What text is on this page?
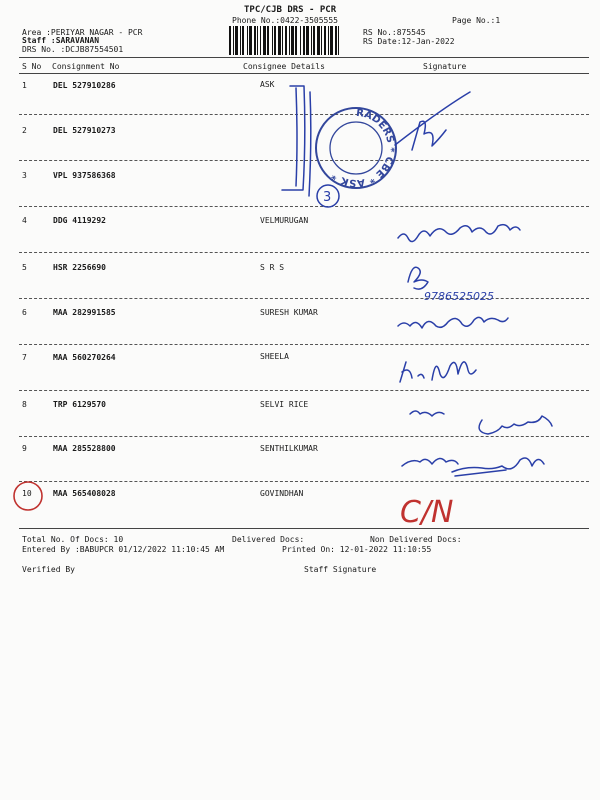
TPC/CJB DRS - PCR
Phone No.:0422-3505555	Page No.:1
Area :PERIYAR NAGAR - PCR
Staff :SARAVANAN
DRS No. :DCJB87554501
RS No.:875545
RS Date:12-Jan-2022
S No Consignment No	Consignee Details	Signature
1	DEL 527910286	ASK
2	DEL 527910273
3	VPL 937586368
4	DDG 4119292	VELMURUGAN
5	HSR 2256690	S R S
6	MAA 282991585	SURESH KUMAR
7	MAA 560270264	SHEELA
8	TRP 6129570	SELVI RICE
9	MAA 285528800	SENTHILKUMAR
10	MAA 565408028	GOVINDHAN
Total No. Of Docs: 10	Delivered Docs:	Non Delivered Docs:
Entered By :BABUPCR 01/12/2022 11:10:45 AM	Printed On: 12-01-2022 11:10:55
Verified By	Staff Signature
3
RADERS * CBE * ASK *
9786525025
C/N
